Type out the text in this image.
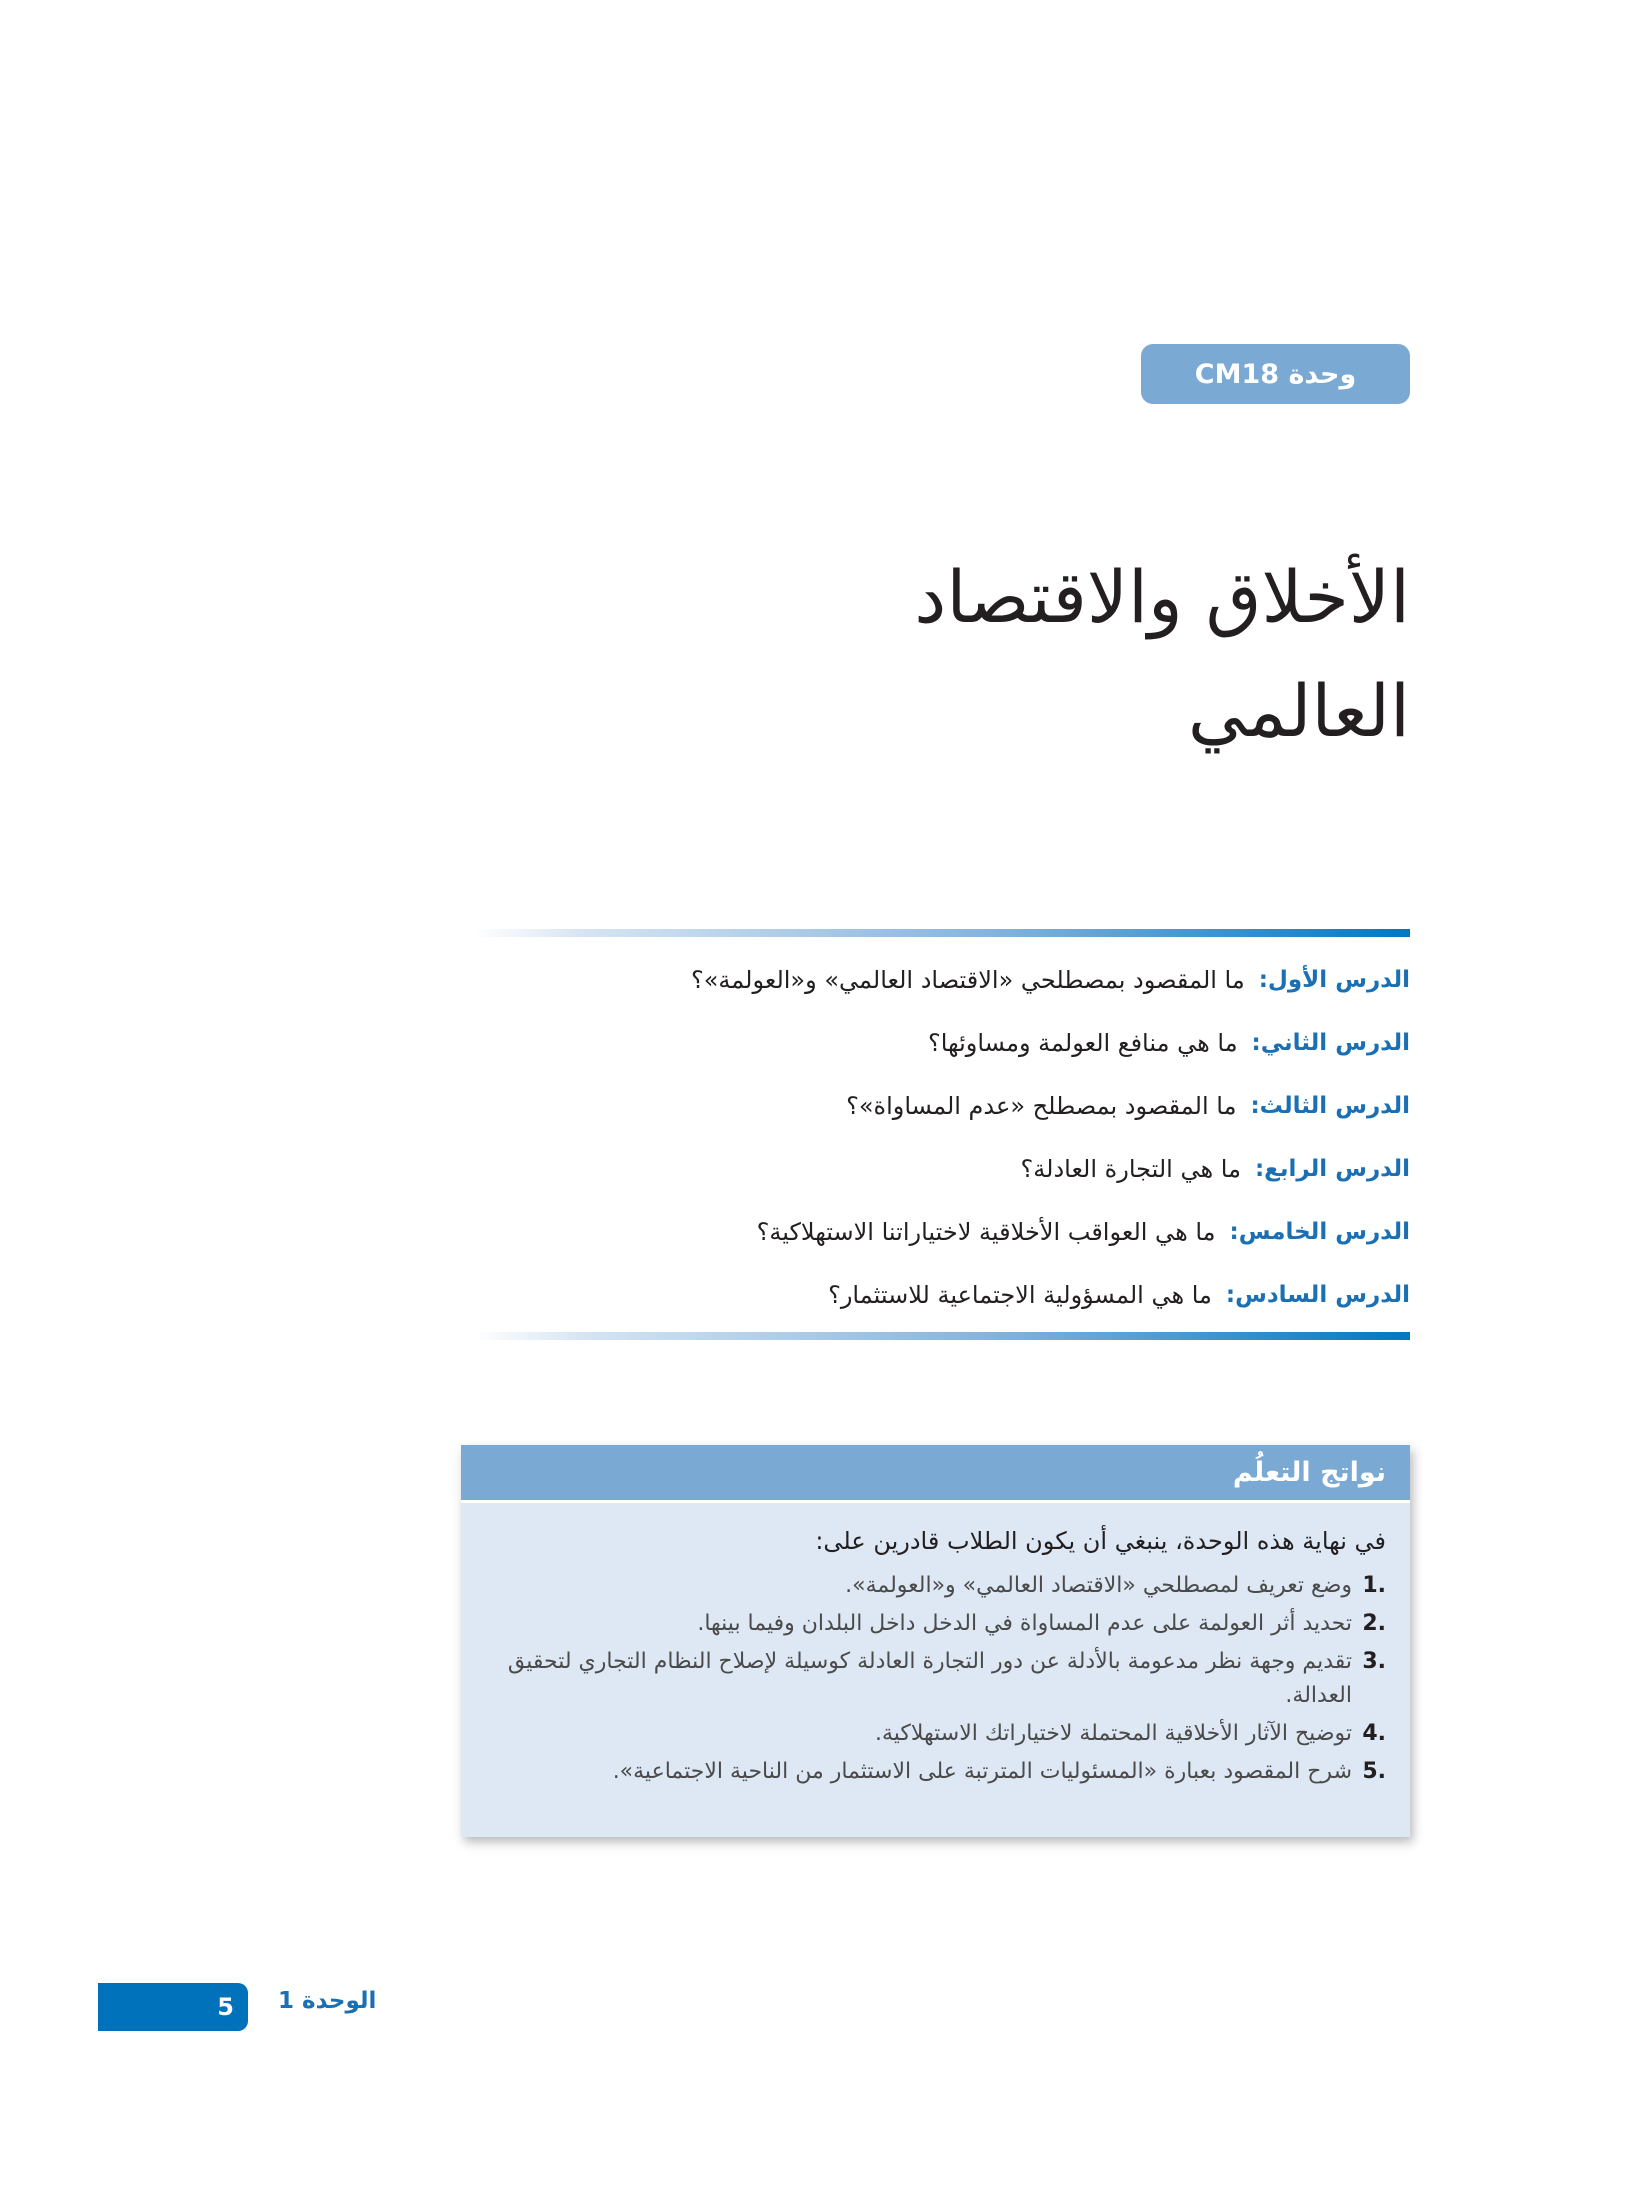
وحدة CM18
الأخلاق والاقتصاد
العالمي
الدرس الأول:
ما المقصود بمصطلحي «الاقتصاد العالمي» و«العولمة»؟
الدرس الثاني:
ما هي منافع العولمة ومساوئها؟
الدرس الثالث:
ما المقصود بمصطلح «عدم المساواة»؟
الدرس الرابع:
ما هي التجارة العادلة؟
الدرس الخامس:
ما هي العواقب الأخلاقية لاختياراتنا الاستهلاكية؟
الدرس السادس:
ما هي المسؤولية الاجتماعية للاستثمار؟
نواتج التعلُم

في نهاية هذه الوحدة، ينبغي أن يكون الطلاب قادرين على:

.1
وضع تعريف لمصطلحي «الاقتصاد العالمي» و«العولمة».
.2
تحديد أثر العولمة على عدم المساواة في الدخل داخل البلدان وفيما بينها.
.3
تقديم وجهة نظر مدعومة بالأدلة عن دور التجارة العادلة كوسيلة لإصلاح النظام التجاري لتحقيق العدالة.
.4
توضيح الآثار الأخلاقية المحتملة لاختياراتك الاستهلاكية.
.5
شرح المقصود بعبارة «المسئوليات المترتبة على الاستثمار من الناحية الاجتماعية».
5 الوحدة 1
